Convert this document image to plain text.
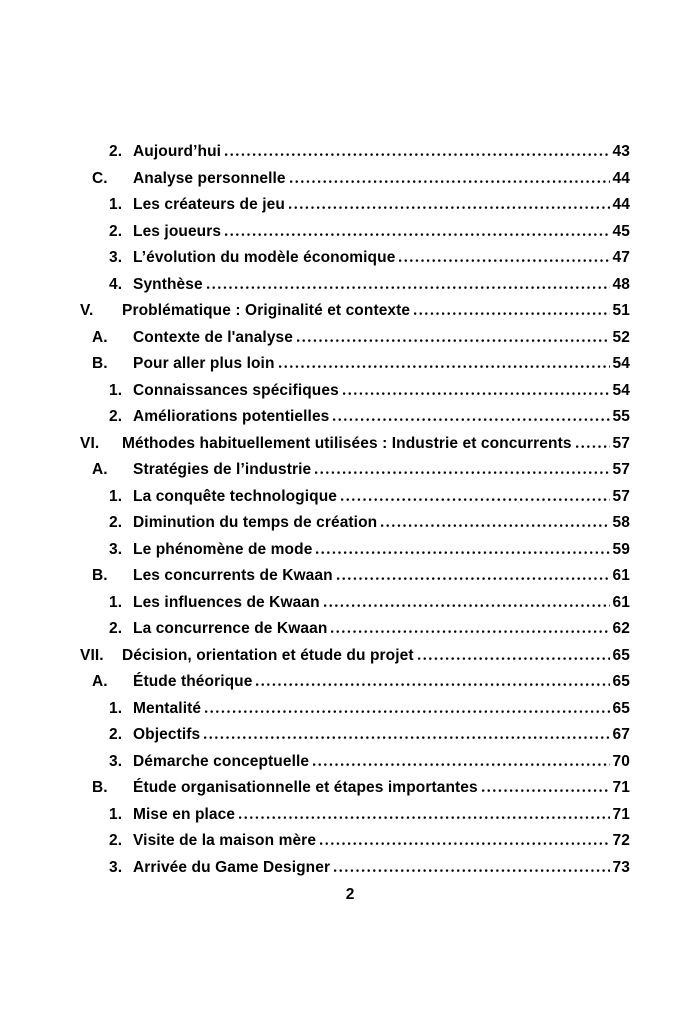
2. Aujourd’hui	43
C.	Analyse personnelle	44
1. Les créateurs de jeu	44
2. Les joueurs	45
3. L’évolution du modèle économique	47
4. Synthèse	48
V.	Problématique : Originalité et contexte	51
A.	Contexte de l'analyse	52
B.	Pour aller plus loin	54
1. Connaissances spécifiques	54
2. Améliorations potentielles	55
VI.	Méthodes habituellement utilisées : Industrie et concurrents	57
A.	Stratégies de l’industrie	57
1. La conquête technologique	57
2. Diminution du temps de création	58
3. Le phénomène de mode	59
B.	Les concurrents de Kwaan	61
1. Les influences de Kwaan	61
2. La concurrence de Kwaan	62
VII.	Décision, orientation et étude du projet	65
A.	Étude théorique	65
1. Mentalité	65
2. Objectifs	67
3. Démarche conceptuelle	70
B.	Étude organisationnelle et étapes importantes	71
1. Mise en place	71
2. Visite de la maison mère	72
3. Arrivée du Game Designer	73
2
